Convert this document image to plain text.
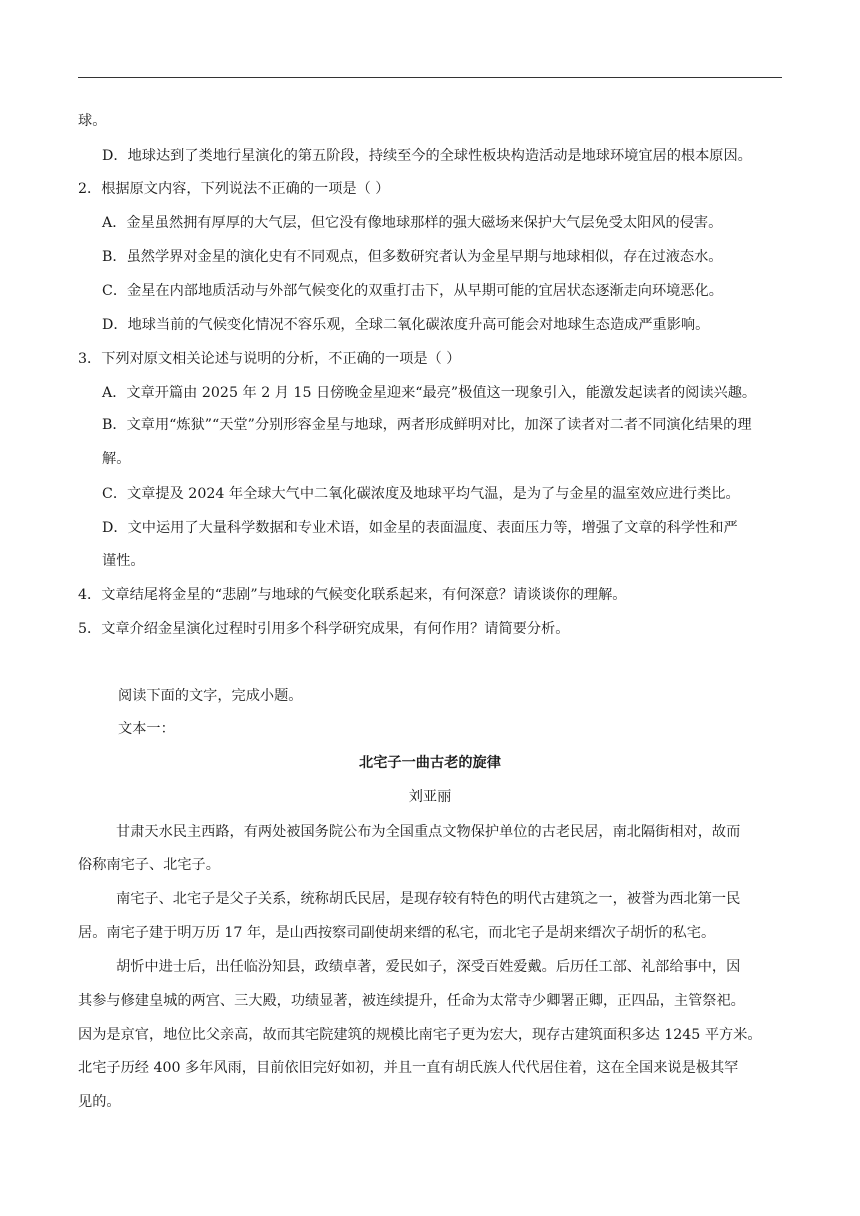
球。
D．地球达到了类地行星演化的第五阶段，持续至今的全球性板块构造活动是地球环境宜居的根本原因。
2．根据原文内容，下列说法不正确的一项是（ ）
A．金星虽然拥有厚厚的大气层，但它没有像地球那样的强大磁场来保护大气层免受太阳风的侵害。
B．虽然学界对金星的演化史有不同观点，但多数研究者认为金星早期与地球相似，存在过液态水。
C．金星在内部地质活动与外部气候变化的双重打击下，从早期可能的宜居状态逐渐走向环境恶化。
D．地球当前的气候变化情况不容乐观，全球二氧化碳浓度升高可能会对地球生态造成严重影响。
3．下列对原文相关论述与说明的分析，不正确的一项是（ ）
A．文章开篇由 2025 年 2 月 15 日傍晚金星迎来“最亮”极值这一现象引入，能激发起读者的阅读兴趣。
B．文章用“炼狱”“天堂”分别形容金星与地球，两者形成鲜明对比，加深了读者对二者不同演化结果的理
解。
C．文章提及 2024 年全球大气中二氧化碳浓度及地球平均气温，是为了与金星的温室效应进行类比。
D．文中运用了大量科学数据和专业术语，如金星的表面温度、表面压力等，增强了文章的科学性和严
谨性。
4．文章结尾将金星的“悲剧”与地球的气候变化联系起来，有何深意？请谈谈你的理解。
5．文章介绍金星演化过程时引用多个科学研究成果，有何作用？请简要分析。
阅读下面的文字，完成小题。
文本一：
北宅子一曲古老的旋律
刘亚丽
甘肃天水民主西路，有两处被国务院公布为全国重点文物保护单位的古老民居，南北隔街相对，故而
俗称南宅子、北宅子。
南宅子、北宅子是父子关系，统称胡氏民居，是现存较有特色的明代古建筑之一，被誉为西北第一民
居。南宅子建于明万历 17 年，是山西按察司副使胡来缙的私宅，而北宅子是胡来缙次子胡忻的私宅。
胡忻中进士后，出任临汾知县，政绩卓著，爱民如子，深受百姓爱戴。后历任工部、礼部给事中，因
其参与修建皇城的两宫、三大殿，功绩显著，被连续提升，任命为太常寺少卿署正卿，正四品，主管祭祀。
因为是京官，地位比父亲高，故而其宅院建筑的规模比南宅子更为宏大，现存古建筑面积多达 1245 平方米。
北宅子历经 400 多年风雨，目前依旧完好如初，并且一直有胡氏族人代代居住着，这在全国来说是极其罕
见的。
